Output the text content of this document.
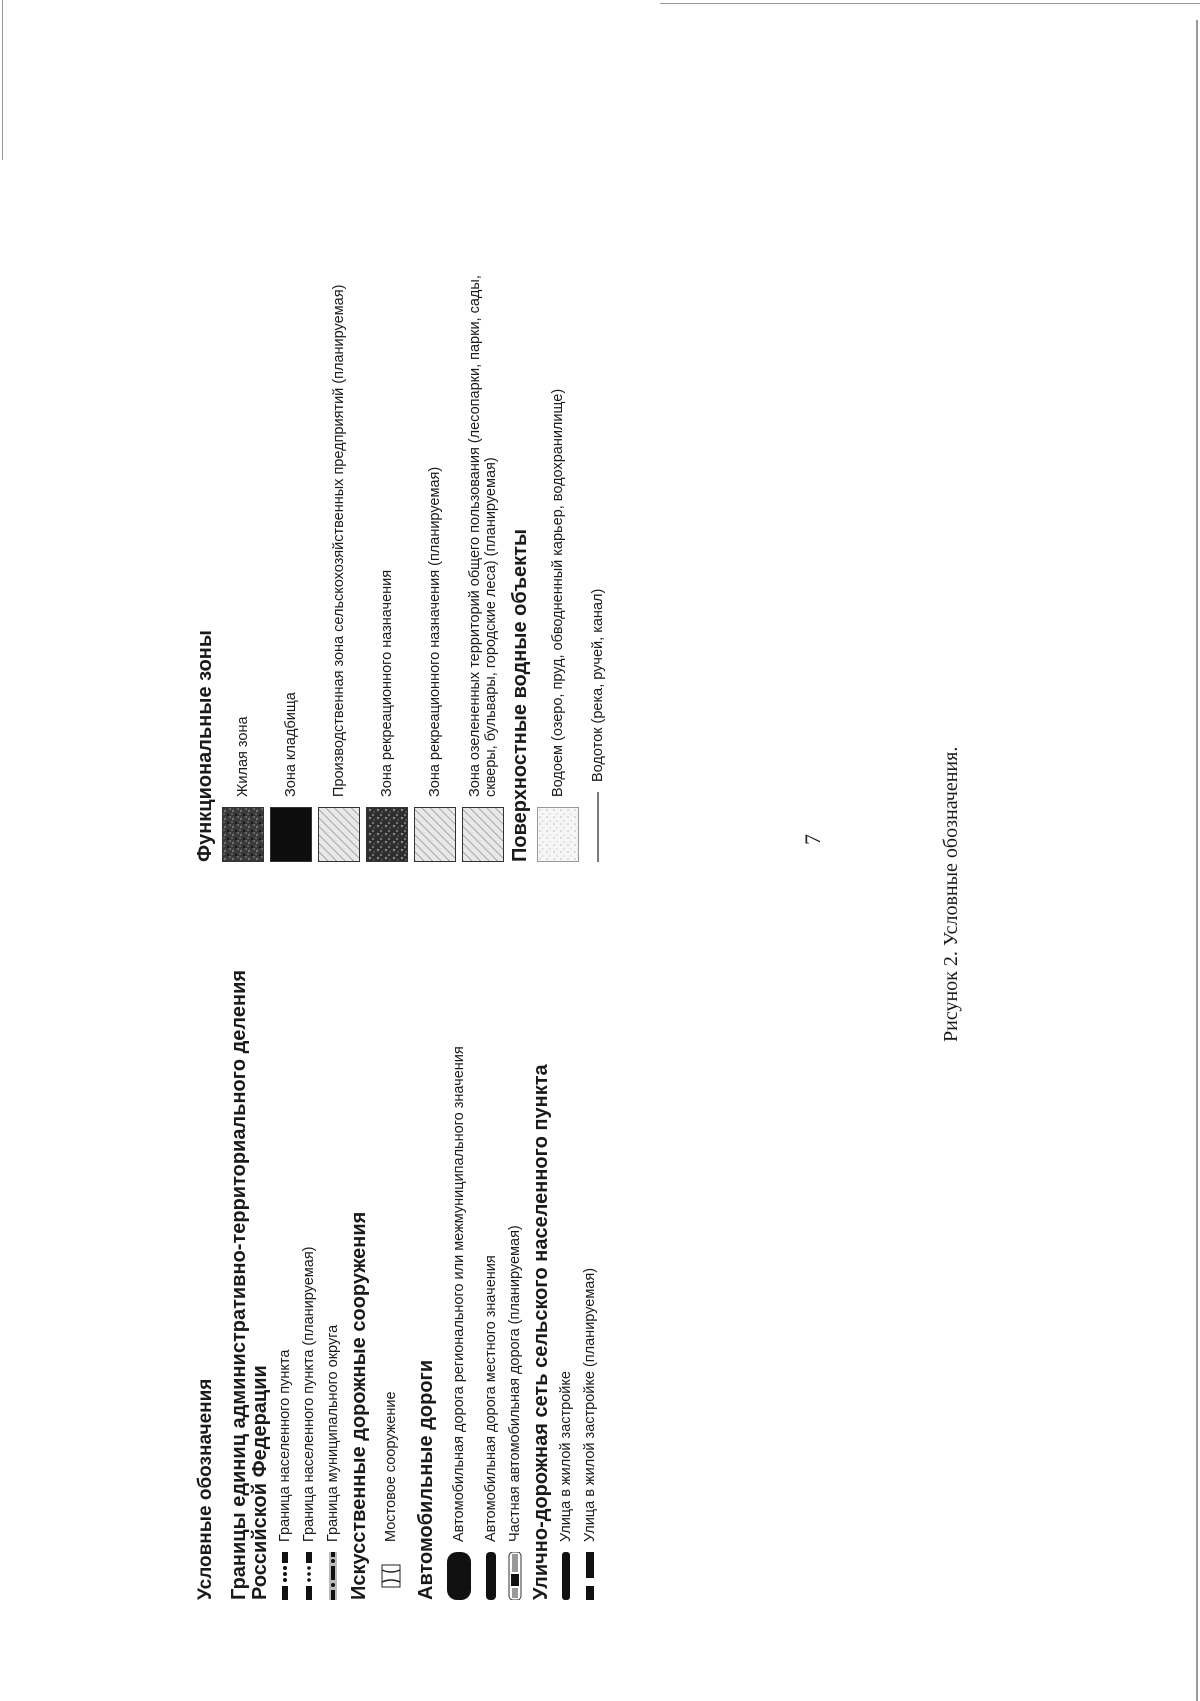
7
Условные обозначения Границы единиц административно-территориального деления Российской Федерации Граница населенного пункта Граница населенного пункта (планируемая) Граница муниципального округа Искусственные дорожные сооружения Мостовое сооружение Автомобильные дороги Автомобильная дорога регионального или межмуниципального значения Автомобильная дорога местного значения Частная автомобильная дорога (планируемая) Улично-дорожная сеть сельского населенного пункта Улица в жилой застройке Улица в жилой застройке (планируемая)
Функциональные зоны Жилая зона Зона кладбища Производственная зона сельскохозяйственных предприятий (планируемая) Зона рекреационного назначения Зона рекреационного назначения (планируемая) Зона озелененных территорий общего пользования (лесопарки, парки, сады, скверы, бульвары, городские леса) (планируемая) Поверхностные водные объекты Водоем (озеро, пруд, обводненный карьер, водохранилище) Водоток (река, ручей, канал)
Рисунок 2. Условные обозначения.
